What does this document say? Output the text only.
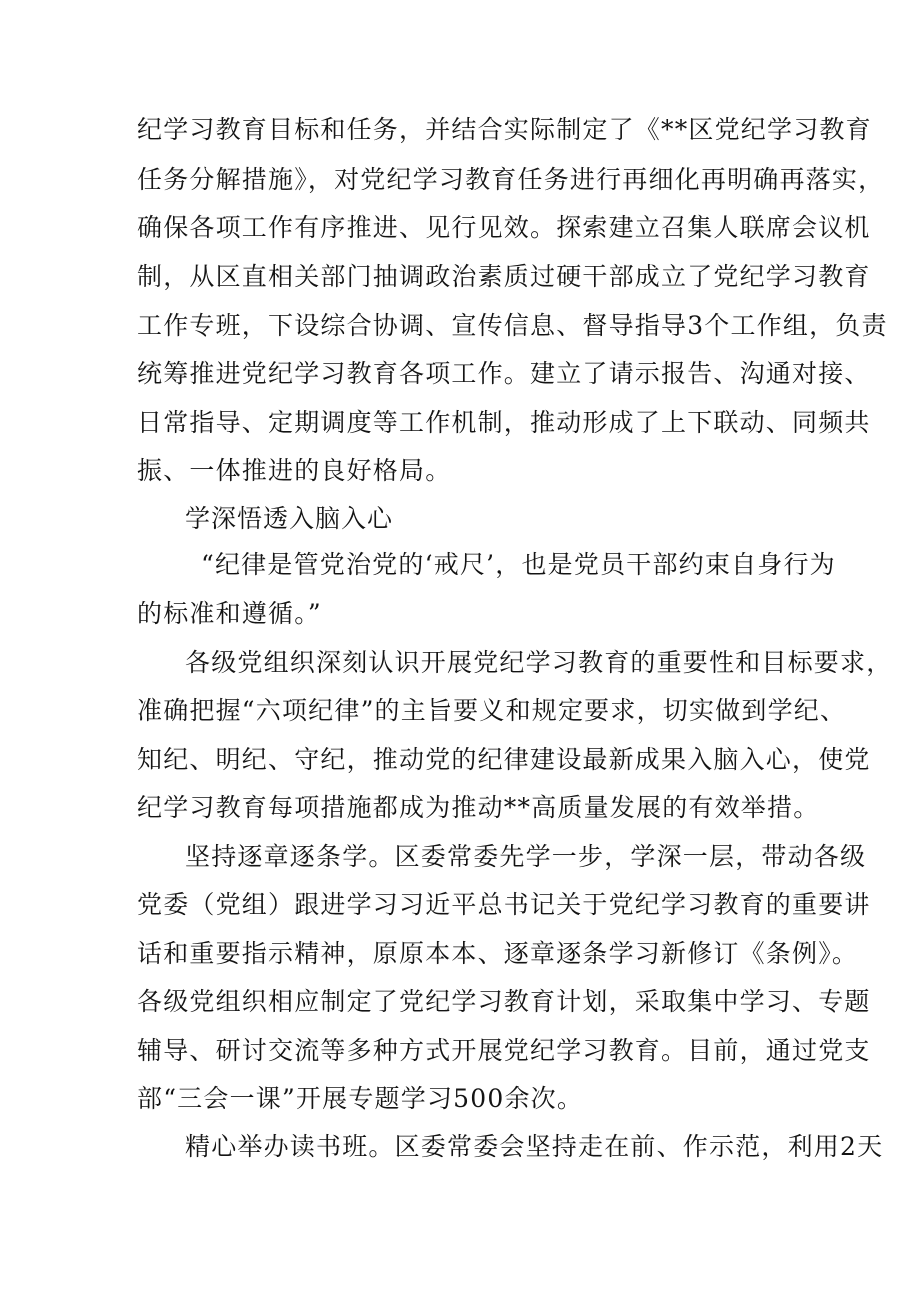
纪学习教育目标和任务，并结合实际制定了《**区党纪学习教育
任务分解措施》，对党纪学习教育任务进行再细化再明确再落实，
确保各项工作有序推进、见行见效。探索建立召集人联席会议机
制，从区直相关部门抽调政治素质过硬干部成立了党纪学习教育
工作专班，下设综合协调、宣传信息、督导指导3个工作组，负责
统筹推进党纪学习教育各项工作。建立了请示报告、沟通对接、
日常指导、定期调度等工作机制，推动形成了上下联动、同频共
振、一体推进的良好格局。
学深悟透入脑入心
“纪律是管党治党的‘戒尺’，也是党员干部约束自身行为
的标准和遵循。”
各级党组织深刻认识开展党纪学习教育的重要性和目标要求，
准确把握“六项纪律”的主旨要义和规定要求，切实做到学纪、
知纪、明纪、守纪，推动党的纪律建设最新成果入脑入心，使党
纪学习教育每项措施都成为推动**高质量发展的有效举措。
坚持逐章逐条学。区委常委先学一步，学深一层，带动各级
党委（党组）跟进学习习近平总书记关于党纪学习教育的重要讲
话和重要指示精神，原原本本、逐章逐条学习新修订《条例》。
各级党组织相应制定了党纪学习教育计划，采取集中学习、专题
辅导、研讨交流等多种方式开展党纪学习教育。目前，通过党支
部“三会一课”开展专题学习500余次。
精心举办读书班。区委常委会坚持走在前、作示范，利用2天
